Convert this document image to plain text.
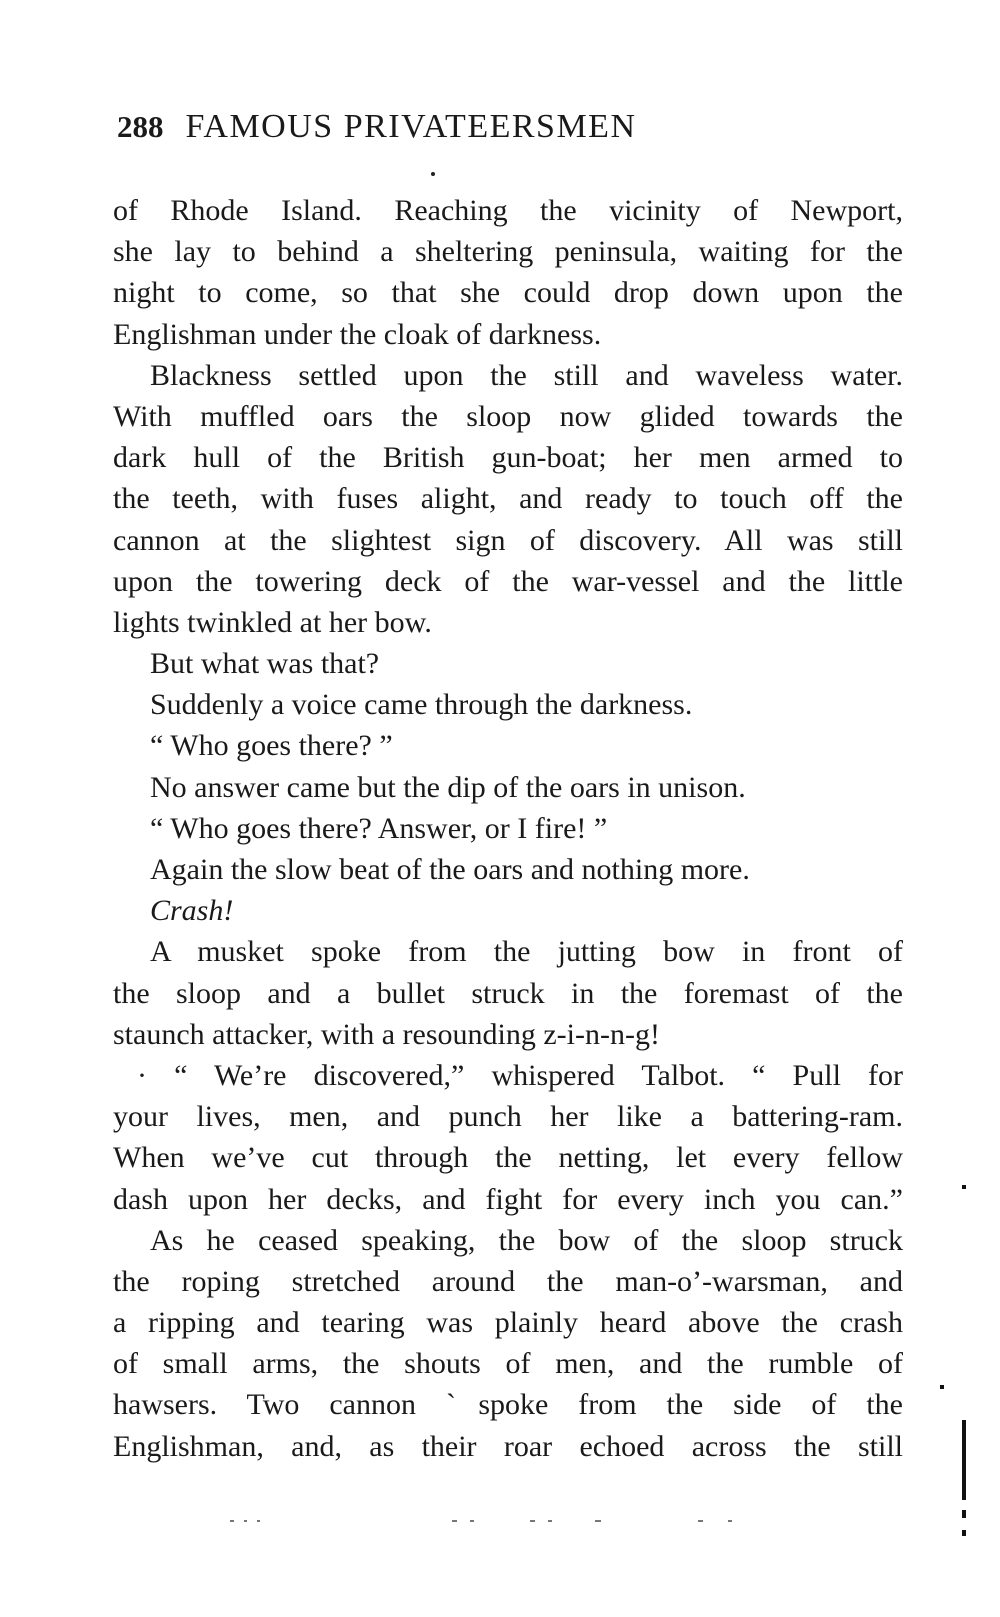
288 FAMOUS PRIVATEERSMEN
of Rhode Island. Reaching the vicinity of Newport,
she lay to behind a sheltering peninsula, waiting for the
night to come, so that she could drop down upon the
Englishman under the cloak of darkness.
Blackness settled upon the still and waveless water.
With muffled oars the sloop now glided towards the
dark hull of the British gun-boat; her men armed to
the teeth, with fuses alight, and ready to touch off the
cannon at the slightest sign of discovery. All was still
upon the towering deck of the war-vessel and the little
lights twinkled at her bow.
But what was that?
Suddenly a voice came through the darkness.
“ Who goes there? ”
No answer came but the dip of the oars in unison.
“ Who goes there? Answer, or I fire! ”
Again the slow beat of the oars and nothing more.
Crash!
A musket spoke from the jutting bow in front of
the sloop and a bullet struck in the foremast of the
staunch attacker, with a resounding z-i-n-n-g!
· “ We’re discovered,” whispered Talbot. “ Pull for
your lives, men, and punch her like a battering-ram.
When we’ve cut through the netting, let every fellow
dash upon her decks, and fight for every inch you can.”
As he ceased speaking, the bow of the sloop struck
the roping stretched around the man-o’-warsman, and
a ripping and tearing was plainly heard above the crash
of small arms, the shouts of men, and the rumble of
hawsers. Two cannon ˋspoke from the side of the
Englishman, and, as their roar echoed across the still
